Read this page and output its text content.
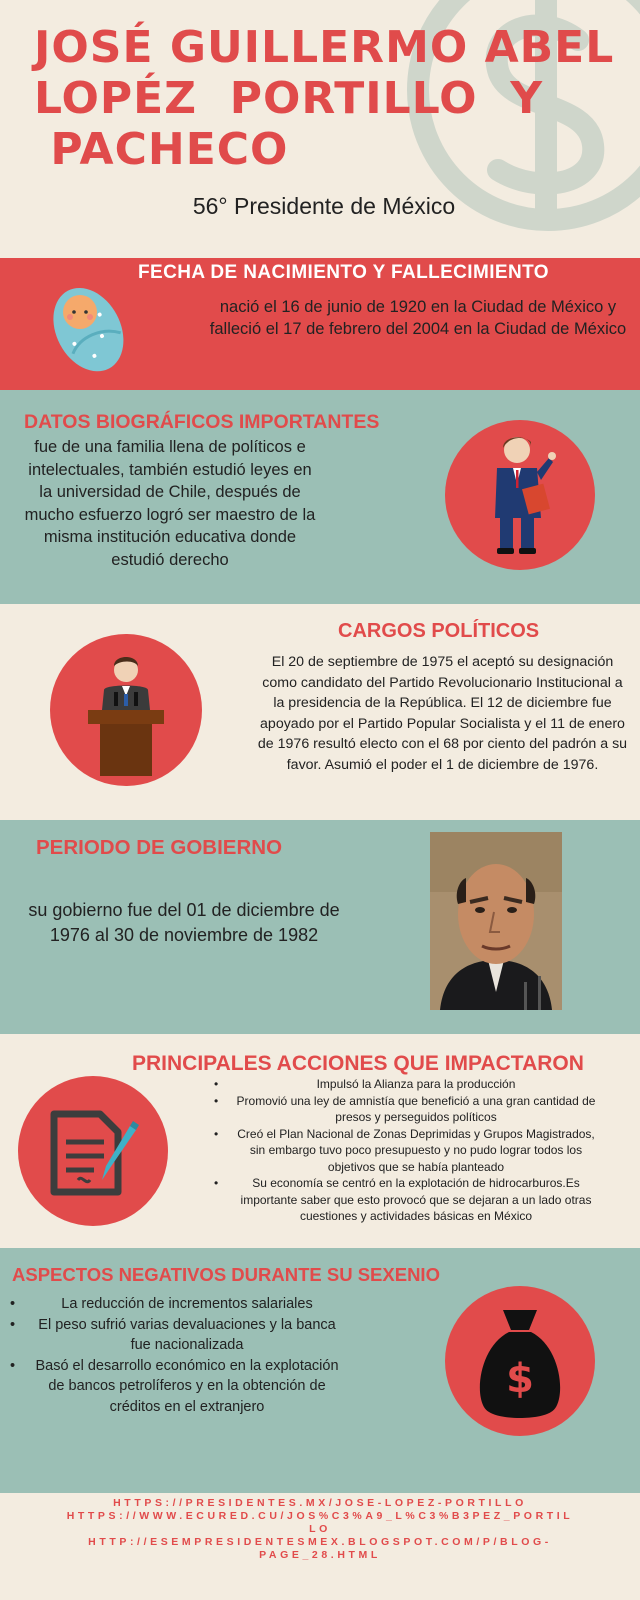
JOSÉ GUILLERMO ABEL
LOPÉZ  PORTILLO  Y
PACHECO
56° Presidente de México
FECHA DE NACIMIENTO Y FALLECIMIENTO
nació el 16 de junio de 1920 en la Ciudad de México y falleció el 17 de febrero del 2004 en la Ciudad de México
DATOS BIOGRÁFICOS IMPORTANTES
fue de una familia llena de políticos e intelectuales, también estudió leyes en la universidad de Chile, después de mucho esfuerzo logró ser maestro de la misma institución educativa donde estudió derecho
CARGOS POLÍTICOS
El 20 de septiembre de 1975 el aceptó su designación como candidato del Partido Revolucionario Institucional a la presidencia de la República. El 12 de diciembre fue apoyado por el Partido Popular Socialista y el 11 de enero de 1976 resultó electo con el 68 por ciento del padrón a su favor. Asumió el poder el 1 de diciembre de 1976.
PERIODO DE GOBIERNO
su gobierno fue del 01 de diciembre de 1976 al 30 de noviembre de 1982
PRINCIPALES ACCIONES QUE IMPACTARON
• Impulsó la Alianza para la producción
• Promovió una ley de amnistía que benefició a una gran cantidad de presos y perseguidos políticos
• Creó el Plan Nacional de Zonas Deprimidas y Grupos Magistrados, sin embargo tuvo poco presupuesto y no pudo lograr todos los objetivos que se había planteado
• Su economía se centró en la explotación de hidrocarburos.Es importante saber que esto provocó que se dejaran a un lado otras cuestiones y actividades básicas en México
ASPECTOS NEGATIVOS DURANTE SU SEXENIO
• La reducción de incrementos salariales
• El peso sufrió varias devaluaciones y la banca fue nacionalizada
• Basó el desarrollo económico en la explotación de bancos petrolíferos y en la obtención de créditos en el extranjero
$
HTTPS://PRESIDENTES.MX/JOSE-LOPEZ-PORTILLO
HTTPS://WWW.ECURED.CU/JOS%C3%A9_L%C3%B3PEZ_PORTIL
LO
HTTP://ESEMPRESIDENTESMEX.BLOGSPOT.COM/P/BLOG-
PAGE_28.HTML
